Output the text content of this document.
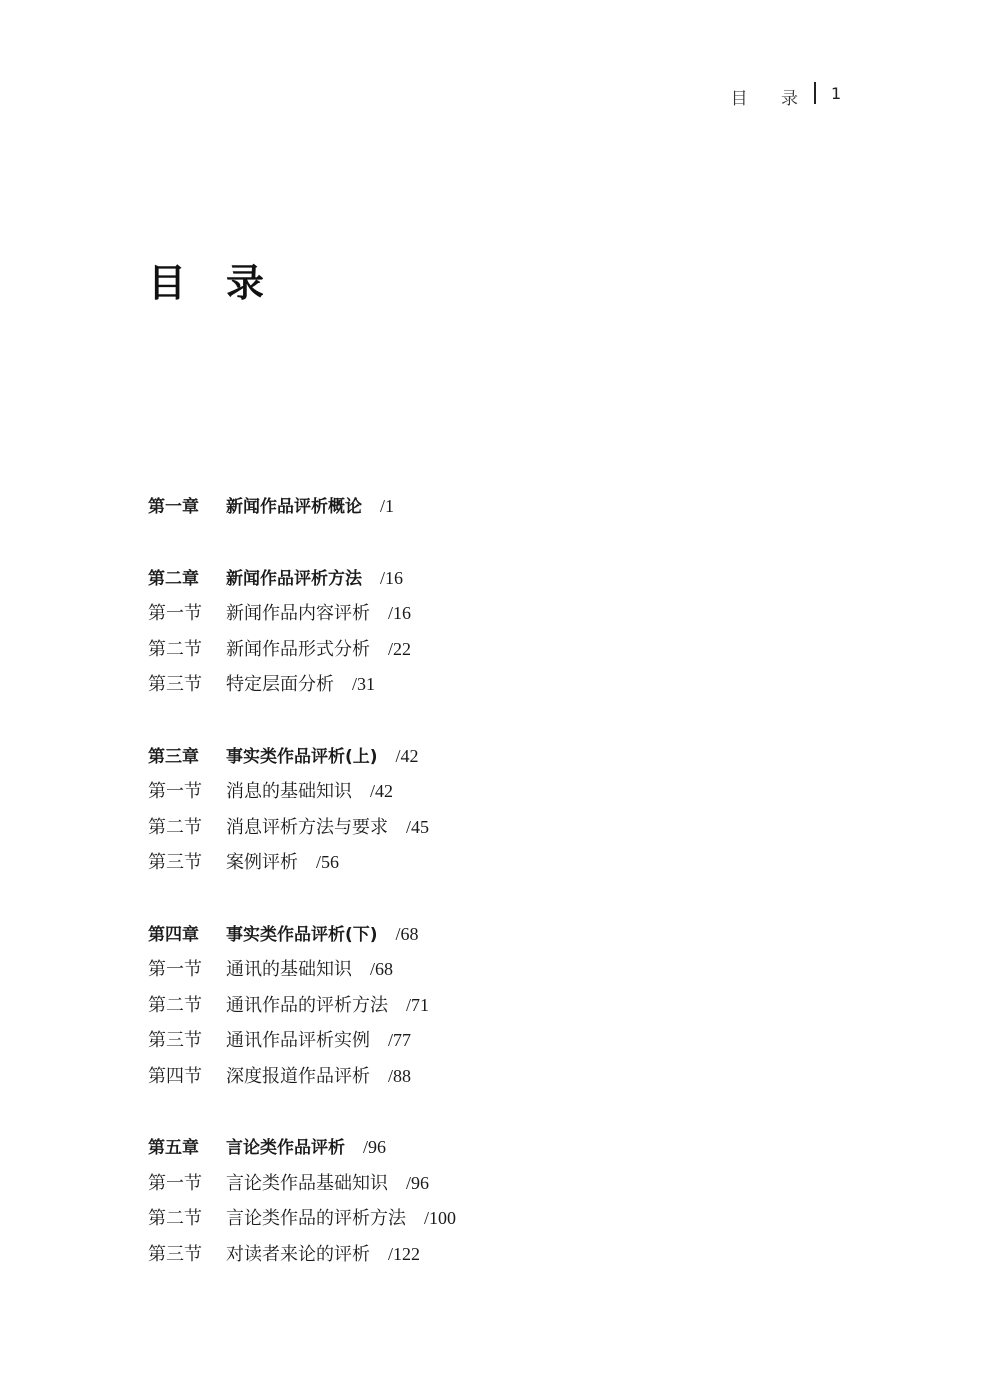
目 录 1
目录
第一章 新闻作品评析概论 /1
第二章 新闻作品评析方法 /16
第一节 新闻作品内容评析 /16
第二节 新闻作品形式分析 /22
第三节 特定层面分析 /31
第三章 事实类作品评析(上) /42
第一节 消息的基础知识 /42
第二节 消息评析方法与要求 /45
第三节 案例评析 /56
第四章 事实类作品评析(下) /68
第一节 通讯的基础知识 /68
第二节 通讯作品的评析方法 /71
第三节 通讯作品评析实例 /77
第四节 深度报道作品评析 /88
第五章 言论类作品评析 /96
第一节 言论类作品基础知识 /96
第二节 言论类作品的评析方法 /100
第三节 对读者来论的评析 /122
